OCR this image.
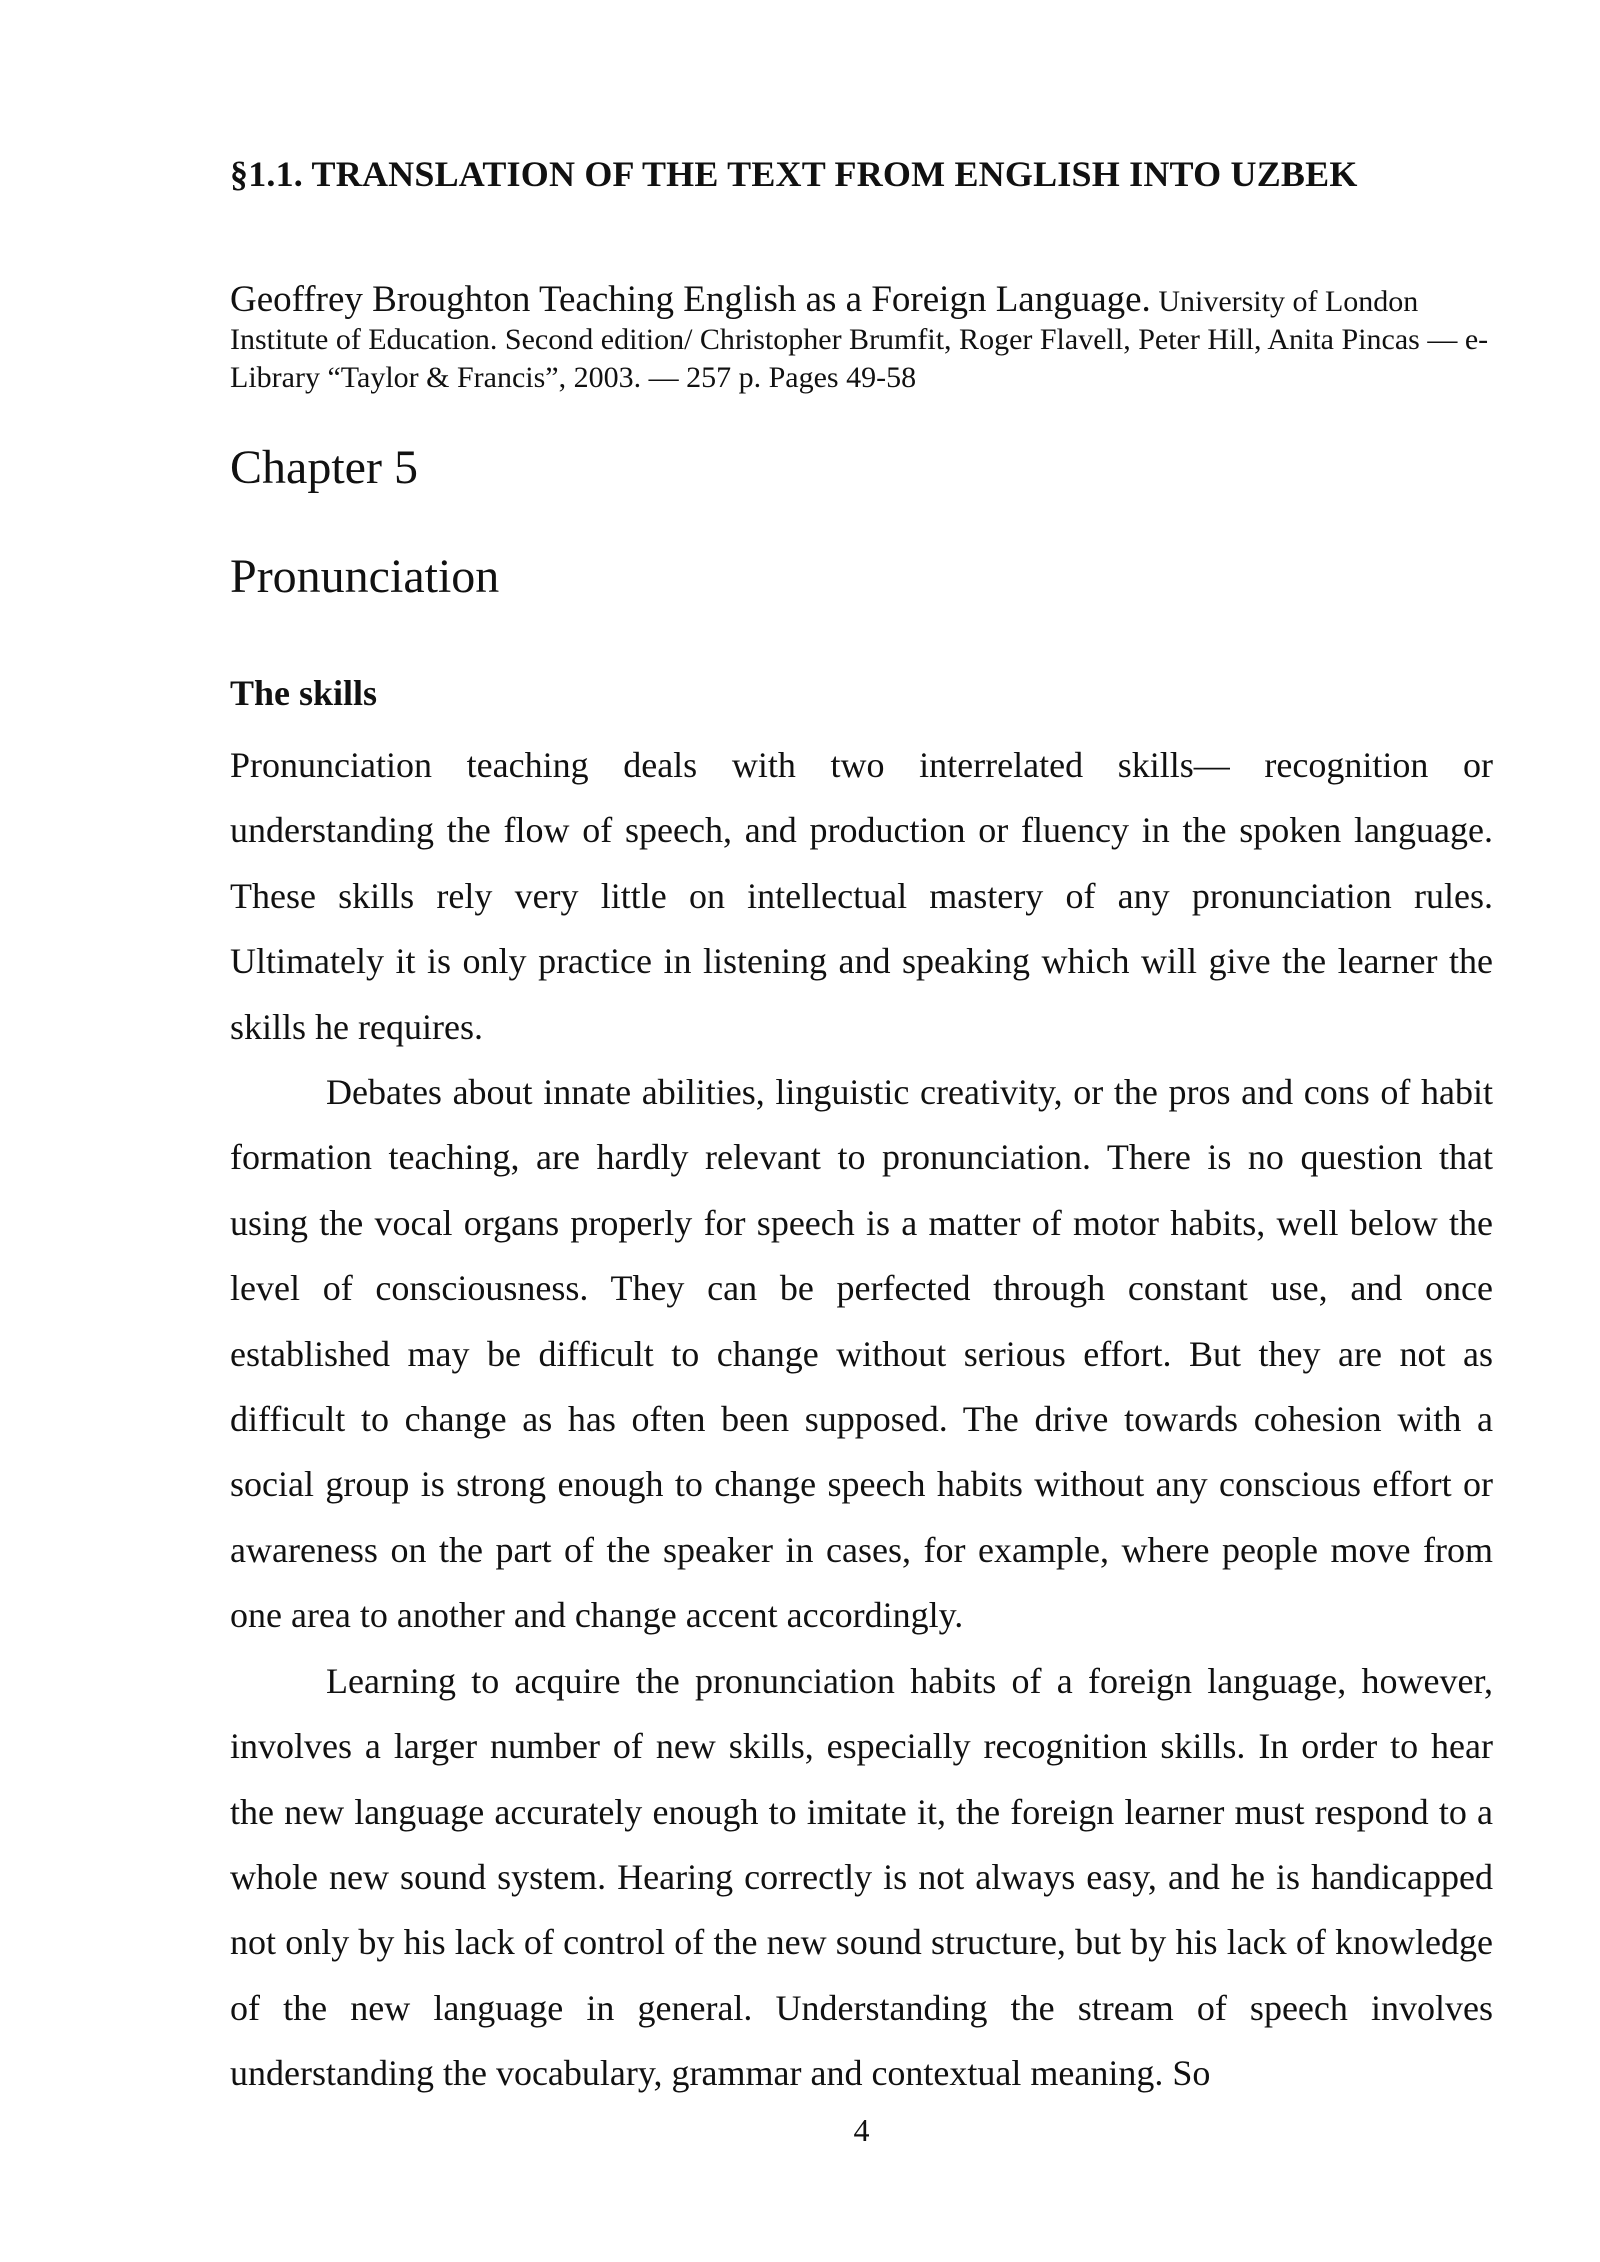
§1.1. TRANSLATION OF THE TEXT FROM ENGLISH INTO UZBEK
Geoffrey Broughton Teaching English as a Foreign Language. University of London Institute of Education. Second edition/ Christopher Brumfit, Roger Flavell, Peter Hill, Anita Pincas — e-Library “Taylor & Francis”, 2003. — 257 p. Pages 49-58
Chapter 5
Pronunciation
The skills

Pronunciation teaching deals with two interrelated skills— recognition or understanding the flow of speech, and production or fluency in the spoken language. These skills rely very little on intellectual mastery of any pronunciation rules. Ultimately it is only practice in listening and speaking which will give the learner the skills he requires.

Debates about innate abilities, linguistic creativity, or the pros and cons of habit formation teaching, are hardly relevant to pronunciation. There is no question that using the vocal organs properly for speech is a matter of motor habits, well below the level of consciousness. They can be perfected through constant use, and once established may be difficult to change without serious effort. But they are not as difficult to change as has often been supposed. The drive towards cohesion with a social group is strong enough to change speech habits without any conscious effort or awareness on the part of the speaker in cases, for example, where people move from one area to another and change accent accordingly.

Learning to acquire the pronunciation habits of a foreign language, however, involves a larger number of new skills, especially recognition skills. In order to hear the new language accurately enough to imitate it, the foreign learner must respond to a whole new sound system. Hearing correctly is not always easy, and he is handicapped not only by his lack of control of the new sound structure, but by his lack of knowledge of the new language in general. Understanding the stream of speech involves understanding the vocabulary, grammar and contextual meaning. So

4
